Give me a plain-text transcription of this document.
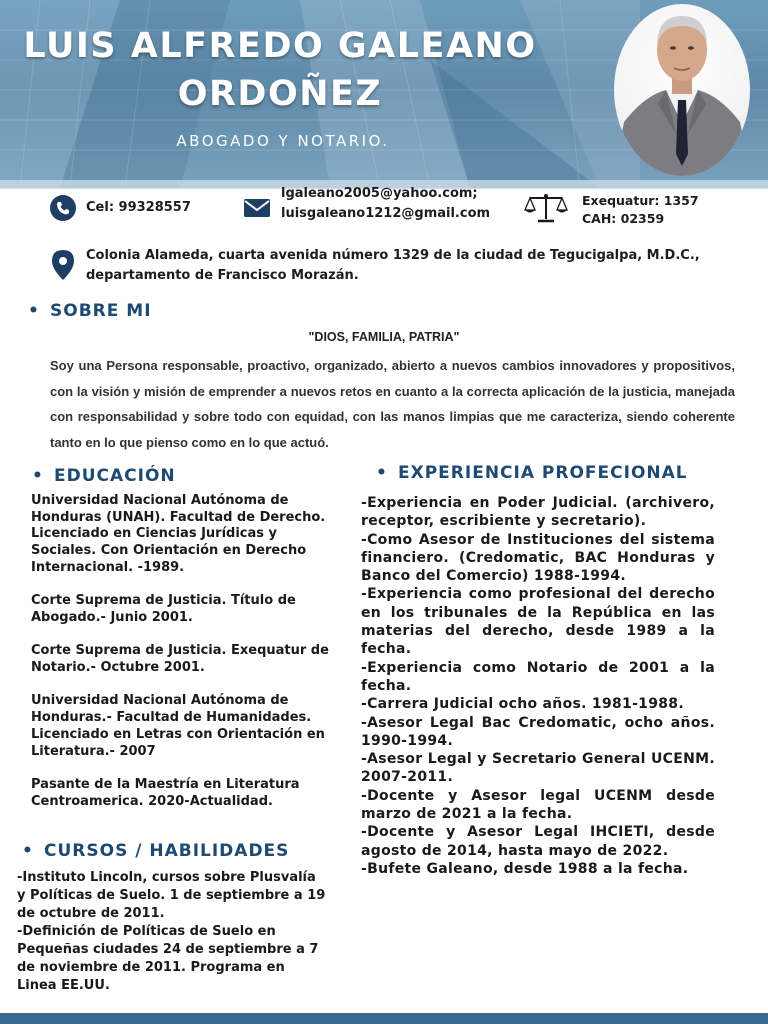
LUIS ALFREDO GALEANO
ORDOÑEZ
ABOGADO Y NOTARIO.
Cel: 99328557
lgaleano2005@yahoo.com;
luisgaleano1212@gmail.com
Exequatur: 1357
CAH: 02359
Colonia Alameda, cuarta avenida número 1329 de la ciudad de Tegucigalpa, M.D.C.,
departamento de Francisco Morazán.
• SOBRE MI
"DIOS, FAMILIA, PATRIA"
Soy una Persona responsable, proactivo, organizado, abierto a nuevos cambios innovadores y propositivos, con la visión y misión de emprender a nuevos retos en cuanto a la correcta aplicación de la justicia, manejada con responsabilidad y sobre todo con equidad, con las manos limpias que me caracteriza, siendo coherente tanto en lo que pienso como en lo que actuó.
• EDUCACIÓN

Universidad Nacional Autónoma de Honduras (UNAH). Facultad de Derecho. Licenciado en Ciencias Jurídicas y Sociales. Con Orientación en Derecho Internacional. -1989.

Corte Suprema de Justicia. Título de Abogado.- Junio 2001.

Corte Suprema de Justicia. Exequatur de Notario.- Octubre 2001.

Universidad Nacional Autónoma de Honduras.- Facultad de Humanidades. Licenciado en Letras con Orientación en Literatura.- 2007

Pasante de la Maestría en Literatura Centroamerica. 2020-Actualidad.

• CURSOS / HABILIDADES
-Instituto Lincoln, cursos sobre Plusvalía y Políticas de Suelo. 1 de septiembre a 19 de octubre de 2011.
-Definición de Políticas de Suelo en Pequeñas ciudades 24 de septiembre a 7 de noviembre de 2011. Programa en Linea EE.UU.
• EXPERIENCIA PROFECIONAL
-Experiencia en Poder Judicial. (archivero, receptor, escribiente y secretario).
-Como Asesor de Instituciones del sistema financiero. (Credomatic, BAC Honduras y Banco del Comercio) 1988-1994.
-Experiencia como profesional del derecho en los tribunales de la República en las materias del derecho, desde 1989 a la fecha.
-Experiencia como Notario de 2001 a la fecha.
-Carrera Judicial ocho años. 1981-1988.
-Asesor Legal Bac Credomatic, ocho años. 1990-1994.
-Asesor Legal y Secretario General UCENM. 2007-2011.
-Docente y Asesor legal UCENM desde marzo de 2021 a la fecha.
-Docente y Asesor Legal IHCIETI, desde agosto de 2014, hasta mayo de 2022.
-Bufete Galeano, desde 1988 a la fecha.
